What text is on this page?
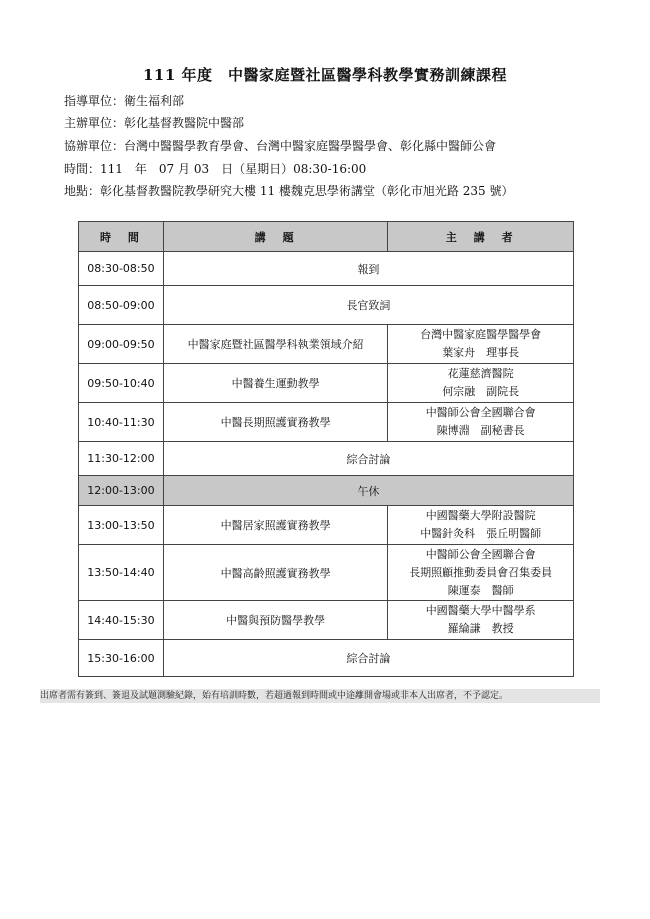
111 年度　中醫家庭暨社區醫學科教學實務訓練課程
指導單位：衛生福利部
主辦單位：彰化基督教醫院中醫部
協辦單位：台灣中醫醫學教育學會、台灣中醫家庭醫學醫學會、彰化縣中醫師公會
時間：111　年　07 月 03　日（星期日）08:30-16:00
地點：彰化基督教醫院教學研究大樓 11 樓魏克思學術講堂（彰化市旭光路 235 號）
時　間	講　題	主　講　者
08:30-08:50	報到	
08:50-09:00	長官致詞	
09:00-09:50	中醫家庭暨社區醫學科執業領域介紹	台灣中醫家庭醫學醫學會
葉家舟　理事長

09:50-10:40	中醫養生運動教學	花蓮慈濟醫院
何宗融　副院長

10:40-11:30	中醫長期照護實務教學	中醫師公會全國聯合會
陳博淵　副秘書長

11:30-12:00	綜合討論	
12:00-13:00	午休	
13:00-13:50	中醫居家照護實務教學	中國醫藥大學附設醫院
中醫針灸科　張丘明醫師

13:50-14:40	中醫高齡照護實務教學	中醫師公會全國聯合會
長期照顧推動委員會召集委員
陳運泰　醫師

14:40-15:30	中醫與預防醫學教學	中國醫藥大學中醫學系
羅綸謙　教授

15:30-16:00	綜合討論	
出席者需有簽到、簽退及試題測驗紀錄，始有培訓時數，若超過報到時間或中途離開會場或非本人出席者，不予認定。
